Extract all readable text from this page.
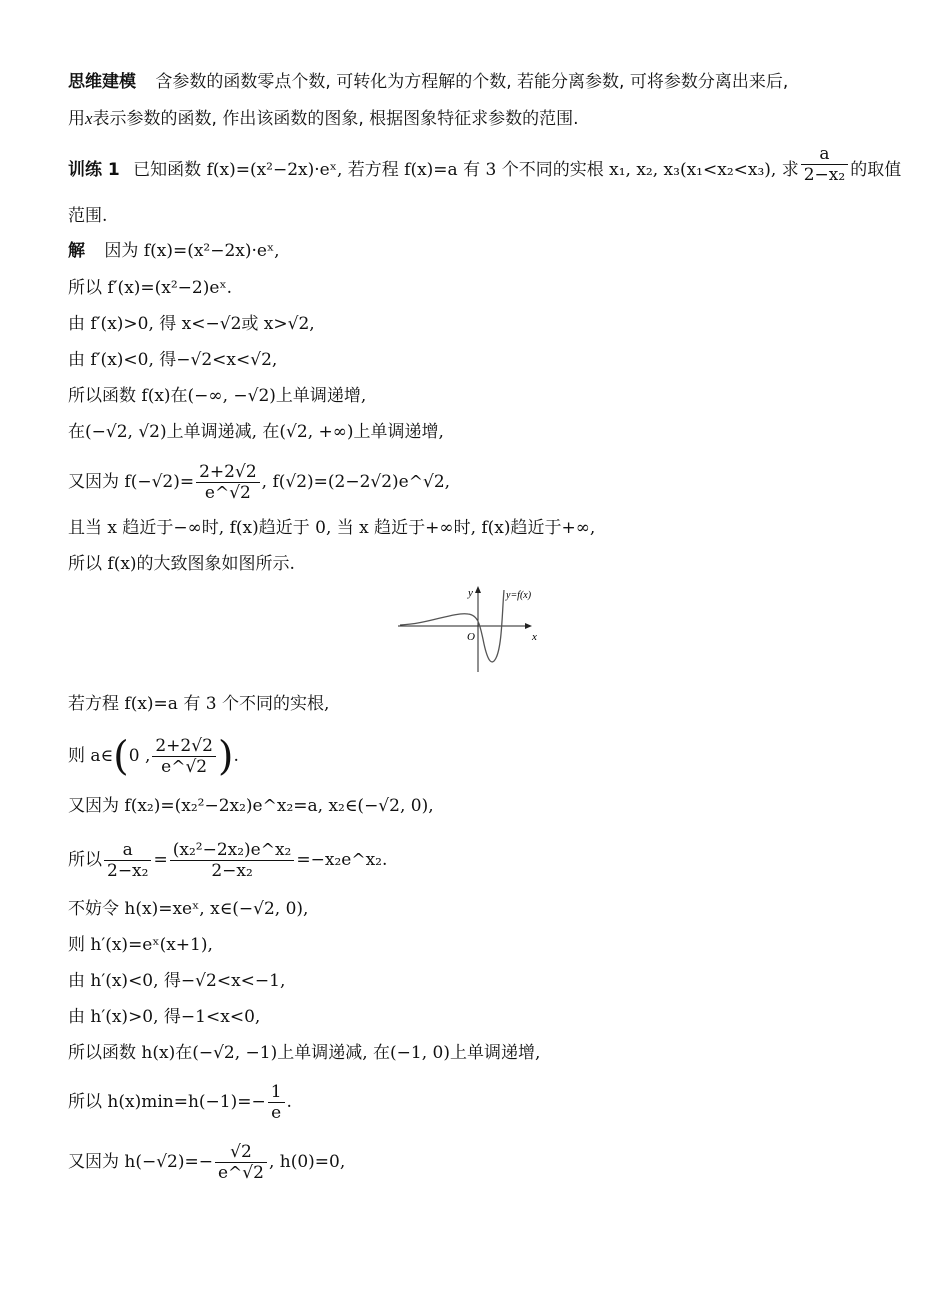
思维建模 含参数的函数零点个数, 可转化为方程解的个数, 若能分离参数, 可将参数分离出来后,
用x表示参数的函数, 作出该函数的图象, 根据图象特征求参数的范围.
训练 1 已知函数 f(x)=(x²−2x)·eˣ, 若方程 f(x)=a 有 3 个不同的实根 x₁, x₂, x₃(x₁<x₂<x₃), 求 $\frac{a}{\text{2−x₂}}$ 的取值
范围.
解 因为 f(x)=(x²−2x)·eˣ,
所以 f′(x)=(x²−2)eˣ.
由 f′(x)>0, 得 x<−√2或 x>√2,
由 f′(x)<0, 得−√2<x<√2,
所以函数 f(x)在(−∞, −√2)上单调递增,
在(−√2, √2)上单调递减, 在(√2, +∞)上单调递增,
又因为 $f(-√2)= \frac{2+2√2}{e\^{}√2}$ , f(√2)=(2−2√2)e^√2,
且当 x 趋近于−∞时, f(x)趋近于 0, 当 x 趋近于+∞时, f(x)趋近于+∞,
所以 f(x)的大致图象如图所示.
y
x
O
y=f(x)
若方程 f(x)=a 有 3 个不同的实根,
则 a∈(0 , $\frac{2+2√2}{e\^{}√2}$ ).
又因为 f(x₂)=(x₂²−2x₂)e^x₂=a, x₂∈(−√2, 0),
所以 $\frac{a}{\text{2−x₂}} = \frac{\text{(x₂²−2x₂)e\textasciicircum{}x₂}}{\text{2−x₂}}$ =−x₂e^x₂.
不妨令 h(x)=xeˣ, x∈(−√2, 0),
则 h′(x)=eˣ(x+1),
由 h′(x)<0, 得−√2<x<−1,
由 h′(x)>0, 得−1<x<0,
所以函数 h(x)在(−√2, −1)上单调递减, 在(−1, 0)上单调递增,
所以 $h(x)\min=h(-1)=- \frac{1}{e}$ .
又因为 $h(-√2)=- \frac{√2}{e\^{}√2}$ , h(0)=0,
